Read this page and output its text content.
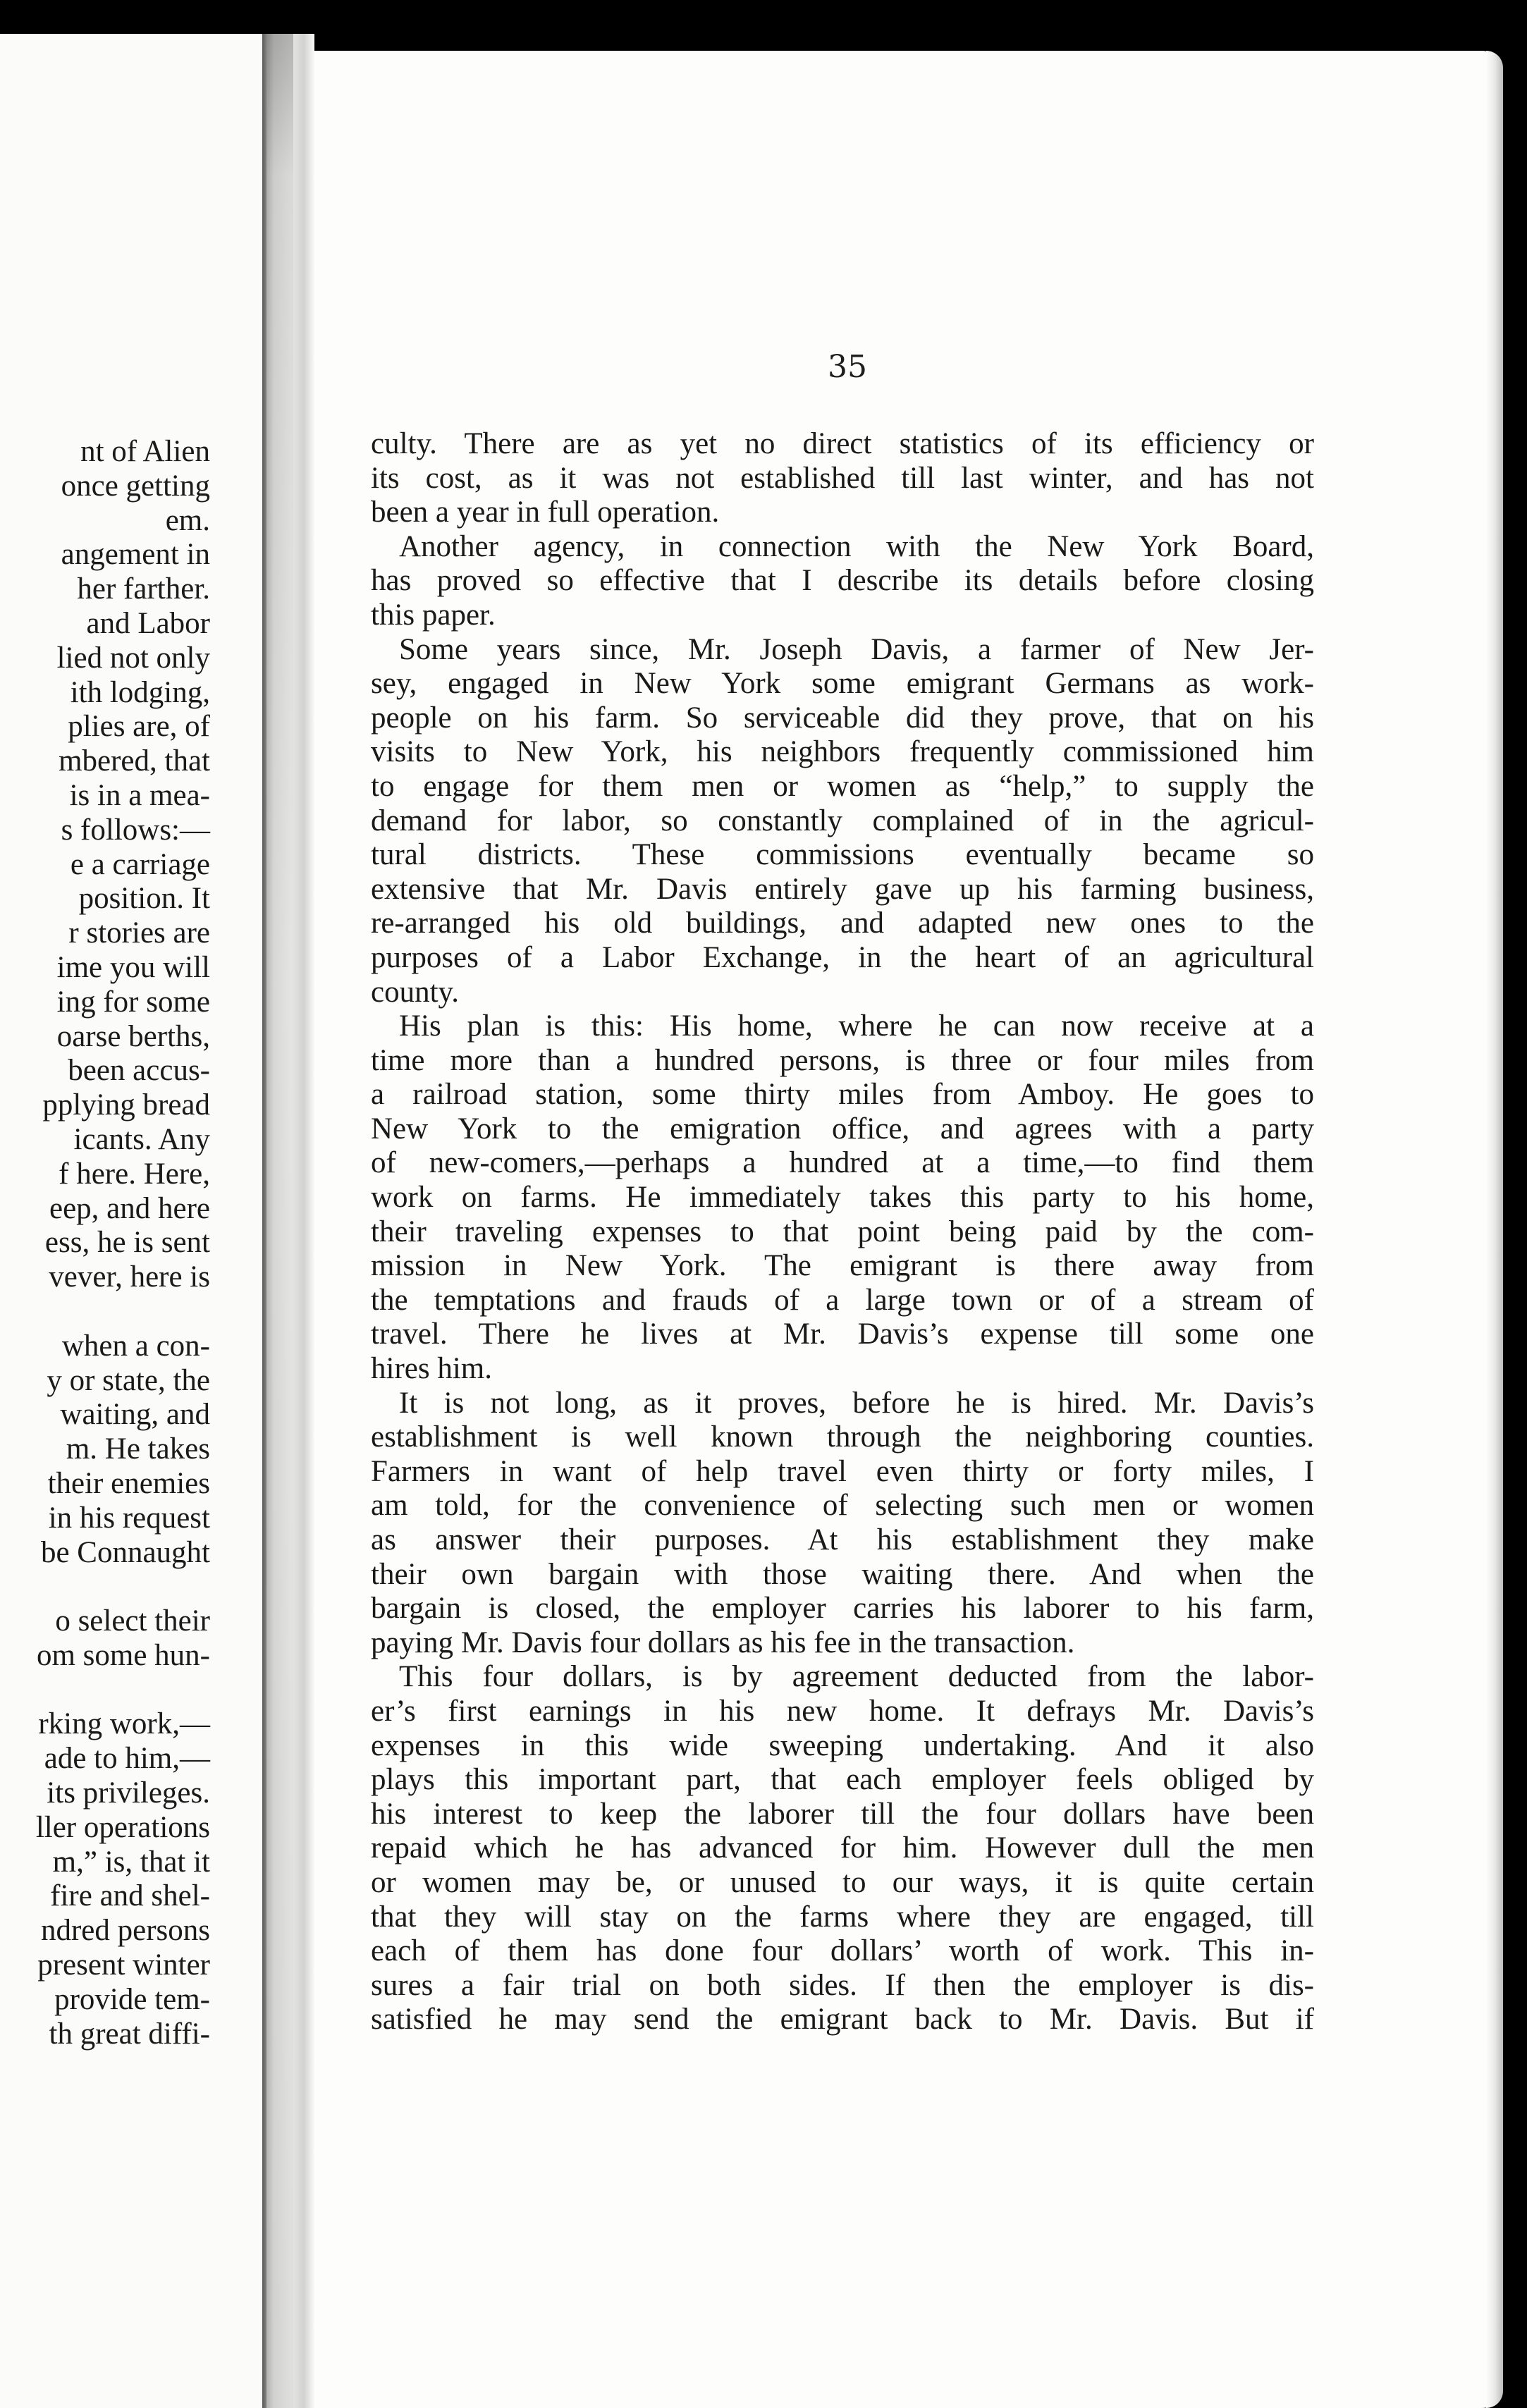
nt of Alien
once getting
em.
angement in
her farther.
and Labor
lied not only
ith lodging,
plies are, of
mbered, that
is in a mea-
s follows:—
e a carriage
position. It
r stories are
ime you will
ing for some
oarse berths,
been accus-
pplying bread
icants. Any
f here. Here,
eep, and here
ess, he is sent
vever, here is
when a con-
y or state, the
waiting, and
m. He takes
their enemies
in his request
be Connaught
o select their
om some hun-
rking work,—
ade to him,—
its privileges.
ller operations
m,” is, that it
fire and shel-
ndred persons
present winter
provide tem-
th great diffi-
35
culty. There are as yet no direct statistics of its efficiency or
its cost, as it was not established till last winter, and has not
been a year in full operation.
Another agency, in connection with the New York Board,
has proved so effective that I describe its details before closing
this paper.
Some years since, Mr. Joseph Davis, a farmer of New Jer-
sey, engaged in New York some emigrant Germans as work-
people on his farm. So serviceable did they prove, that on his
visits to New York, his neighbors frequently commissioned him
to engage for them men or women as “help,” to supply the
demand for labor, so constantly complained of in the agricul-
tural districts. These commissions eventually became so
extensive that Mr. Davis entirely gave up his farming business,
re-arranged his old buildings, and adapted new ones to the
purposes of a Labor Exchange, in the heart of an agricultural
county.
His plan is this: His home, where he can now receive at a
time more than a hundred persons, is three or four miles from
a railroad station, some thirty miles from Amboy. He goes to
New York to the emigration office, and agrees with a party
of new-comers,—perhaps a hundred at a time,—to find them
work on farms. He immediately takes this party to his home,
their traveling expenses to that point being paid by the com-
mission in New York. The emigrant is there away from
the temptations and frauds of a large town or of a stream of
travel. There he lives at Mr. Davis’s expense till some one
hires him.
It is not long, as it proves, before he is hired. Mr. Davis’s
establishment is well known through the neighboring counties.
Farmers in want of help travel even thirty or forty miles, I
am told, for the convenience of selecting such men or women
as answer their purposes. At his establishment they make
their own bargain with those waiting there. And when the
bargain is closed, the employer carries his laborer to his farm,
paying Mr. Davis four dollars as his fee in the transaction.
This four dollars, is by agreement deducted from the labor-
er’s first earnings in his new home. It defrays Mr. Davis’s
expenses in this wide sweeping undertaking. And it also
plays this important part, that each employer feels obliged by
his interest to keep the laborer till the four dollars have been
repaid which he has advanced for him. However dull the men
or women may be, or unused to our ways, it is quite certain
that they will stay on the farms where they are engaged, till
each of them has done four dollars’ worth of work. This in-
sures a fair trial on both sides. If then the employer is dis-
satisfied he may send the emigrant back to Mr. Davis. But if
